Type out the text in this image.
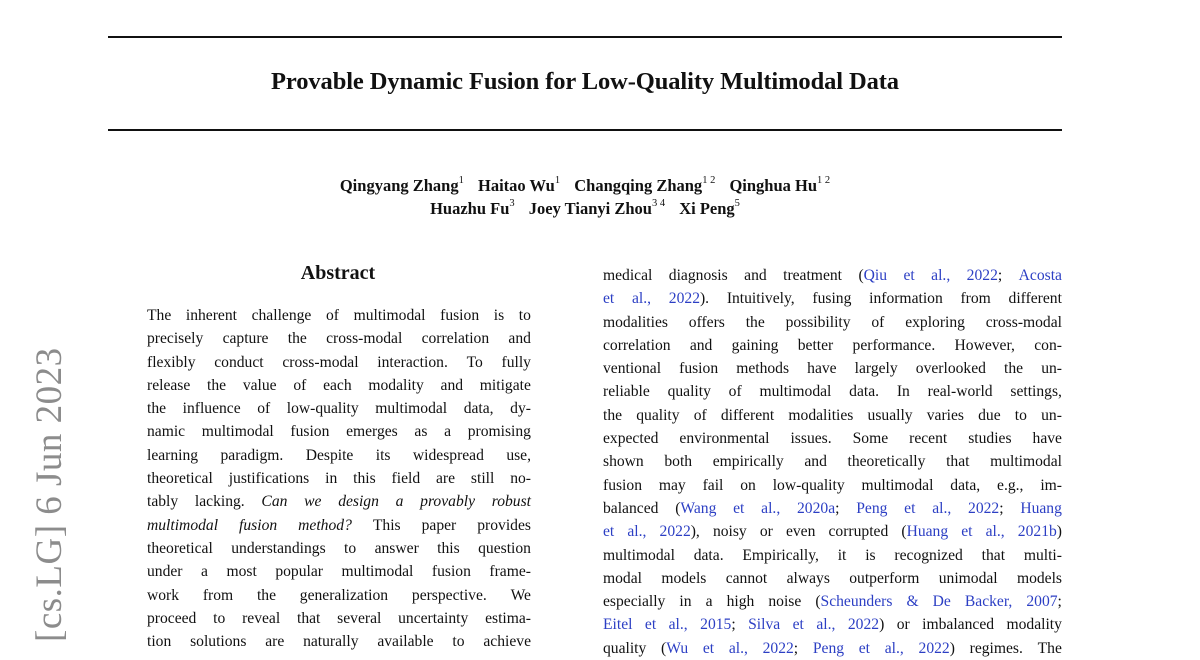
Provable Dynamic Fusion for Low-Quality Multimodal Data
Qingyang Zhang$^1$ Haitao Wu$^1$ Changqing Zhang$^{1 2}$ Qinghua $Hu^{1 2}$
Huazhu Fu$^3$ Joey Tianyi Zhou$^{3 4}$ Xi Peng$^5$
[cs.LG] 6 Jun 2023
Abstract
The inherent challenge of multimodal fusion is to
precisely capture the cross-modal correlation and
flexibly conduct cross-modal interaction. To fully
release the value of each modality and mitigate
the influence of low-quality multimodal data, dy-
namic multimodal fusion emerges as a promising
learning paradigm. Despite its widespread use,
theoretical justifications in this field are still no-
tably lacking. Can we design a provably robust
multimodal fusion method? This paper provides
theoretical understandings to answer this question
under a most popular multimodal fusion frame-
work from the generalization perspective. We
proceed to reveal that several uncertainty estima-
tion solutions are naturally available to achieve
medical diagnosis and treatment (Qiu et al., 2022; Acosta
et al., 2022). Intuitively, fusing information from different
modalities offers the possibility of exploring cross-modal
correlation and gaining better performance. However, con-
ventional fusion methods have largely overlooked the un-
reliable quality of multimodal data. In real-world settings,
the quality of different modalities usually varies due to un-
expected environmental issues. Some recent studies have
shown both empirically and theoretically that multimodal
fusion may fail on low-quality multimodal data, e.g., im-
balanced (Wang et al., 2020a; Peng et al., 2022; Huang
et al., 2022), noisy or even corrupted (Huang et al., 2021b)
multimodal data. Empirically, it is recognized that multi-
modal models cannot always outperform unimodal models
especially in a high noise (Scheunders & De Backer, 2007;
Eitel et al., 2015; Silva et al., 2022) or imbalanced modality
quality (Wu et al., 2022; Peng et al., 2022) regimes. The
